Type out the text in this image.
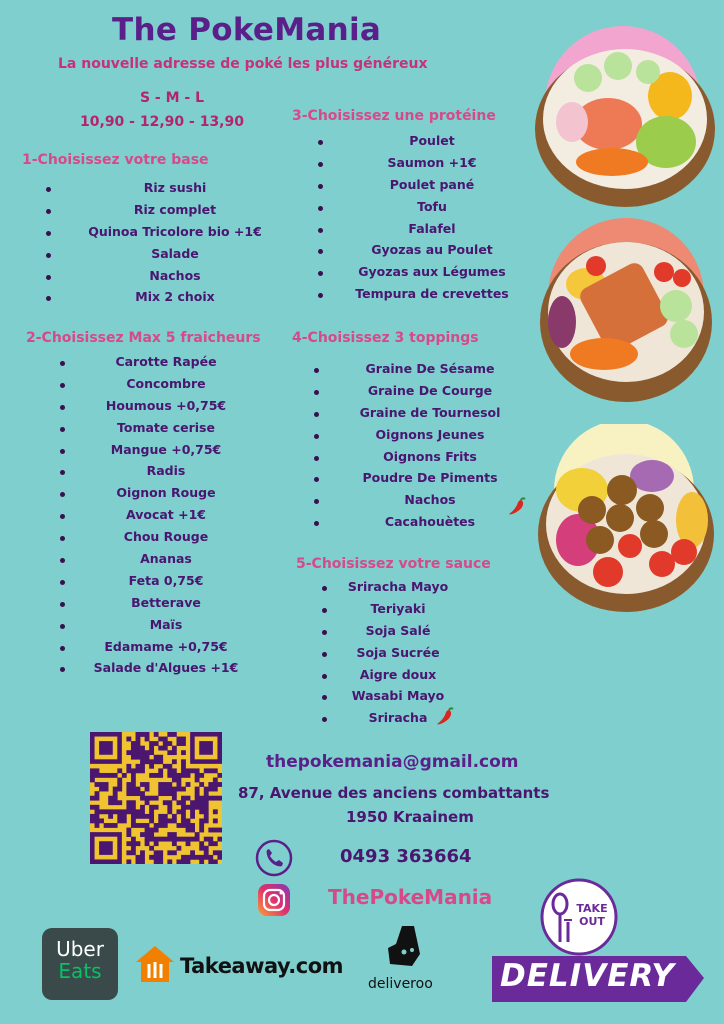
The PokeMania
La nouvelle adresse de poké les plus généreux
S - M - L
10,90 - 12,90 - 13,90
1-Choisissez votre base
2-Choisissez Max 5 fraicheurs
3-Choisissez une protéine
4-Choisissez 3 toppings
5-Choisissez votre sauce
Riz sushi
Riz complet
Quinoa Tricolore bio +1€
Salade
Nachos
Mix 2 choix
Carotte Rapée
Concombre
Houmous +0,75€
Tomate cerise
Mangue +0,75€
Radis
Oignon Rouge
Avocat +1€
Chou Rouge
Ananas
Feta 0,75€
Betterave
Maïs
Edamame +0,75€
Salade d'Algues +1€
Poulet
Saumon +1€
Poulet pané
Tofu
Falafel
Gyozas au Poulet
Gyozas aux Légumes
Tempura de crevettes
Graine De Sésame
Graine De Courge
Graine de Tournesol
Oignons Jeunes
Oignons Frits
Poudre De Piments
Nachos
Cacahouètes
Sriracha Mayo
Teriyaki
Soja Salé
Soja Sucrée
Aigre doux
Wasabi Mayo
Sriracha
thepokemania@gmail.com
87, Avenue des anciens combattants
1950 Kraainem
0493 363664
ThePokeMania	TAKE
OUT
DELIVERY
Uber
Eats	Takeaway.com
deliveroo
